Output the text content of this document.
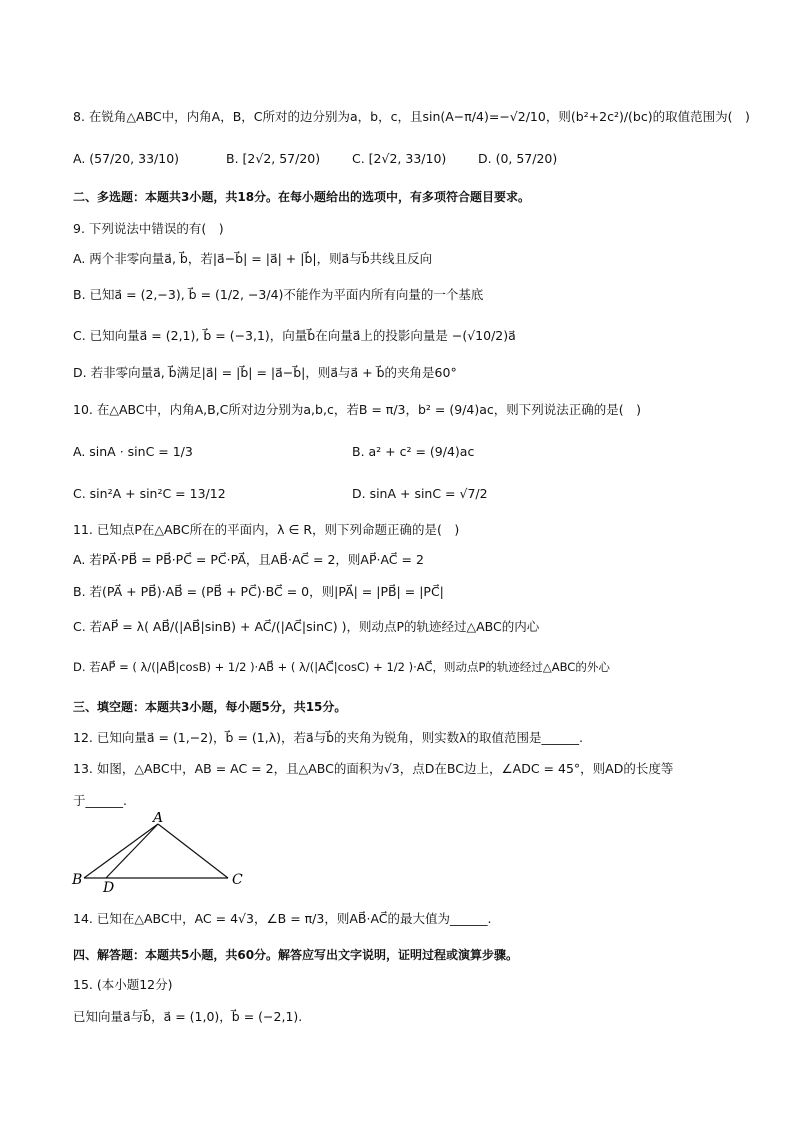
8. 在锐角△ABC中，内角A，B，C所对的边分别为a，b，c，且sin(A−π/4)=−√2/10，则(b²+2c²)/(bc)的取值范围为(　)
A. (57/20, 33/10)	B. [2√2, 57/20)	C. [2√2, 33/10)	D. (0, 57/20)
二、多选题：本题共3小题，共18分。在每小题给出的选项中，有多项符合题目要求。
9. 下列说法中错误的有(　)
A. 两个非零向量a⃗, b⃗，若|a⃗−b⃗| = |a⃗| + |b⃗|，则a⃗与b⃗共线且反向
B. 已知a⃗ = (2,−3), b⃗ = (1/2, −3/4)不能作为平面内所有向量的一个基底
C. 已知向量a⃗ = (2,1), b⃗ = (−3,1)，向量b⃗在向量a⃗上的投影向量是 −(√10/2)a⃗
D. 若非零向量a⃗, b⃗满足|a⃗| = |b⃗| = |a⃗−b⃗|，则a⃗与a⃗ + b⃗的夹角是60°
10. 在△ABC中，内角A,B,C所对边分别为a,b,c，若B = π/3，b² = (9/4)ac，则下列说法正确的是(　)
A. sinA · sinC = 1/3	B. a² + c² = (9/4)ac
C. sin²A + sin²C = 13/12	D. sinA + sinC = √7/2
11. 已知点P在△ABC所在的平面内，λ ∈ R，则下列命题正确的是(　)
A. 若PA⃗·PB⃗ = PB⃗·PC⃗ = PC⃗·PA⃗，且AB⃗·AC⃗ = 2，则AP⃗·AC⃗ = 2
B. 若(PA⃗ + PB⃗)·AB⃗ = (PB⃗ + PC⃗)·BC⃗ = 0，则|PA⃗| = |PB⃗| = |PC⃗|
C. 若AP⃗ = λ( AB⃗/(|AB⃗|sinB) + AC⃗/(|AC⃗|sinC) )，则动点P的轨迹经过△ABC的内心
D. 若AP⃗ = ( λ/(|AB⃗|cosB) + 1/2 )·AB⃗ + ( λ/(|AC⃗|cosC) + 1/2 )·AC⃗，则动点P的轨迹经过△ABC的外心
三、填空题：本题共3小题，每小题5分，共15分。
12. 已知向量a⃗ = (1,−2)，b⃗ = (1,λ)，若a⃗与b⃗的夹角为锐角，则实数λ的取值范围是______.
13. 如图，△ABC中，AB = AC = 2，且△ABC的面积为√3，点D在BC边上，∠ADC = 45°，则AD的长度等
于______.
A
B	C
D
14. 已知在△ABC中，AC = 4√3，∠B = π/3，则AB⃗·AC⃗的最大值为______.
四、解答题：本题共5小题，共60分。解答应写出文字说明，证明过程或演算步骤。
15. (本小题12分)
已知向量a⃗与b⃗，a⃗ = (1,0)，b⃗ = (−2,1).
